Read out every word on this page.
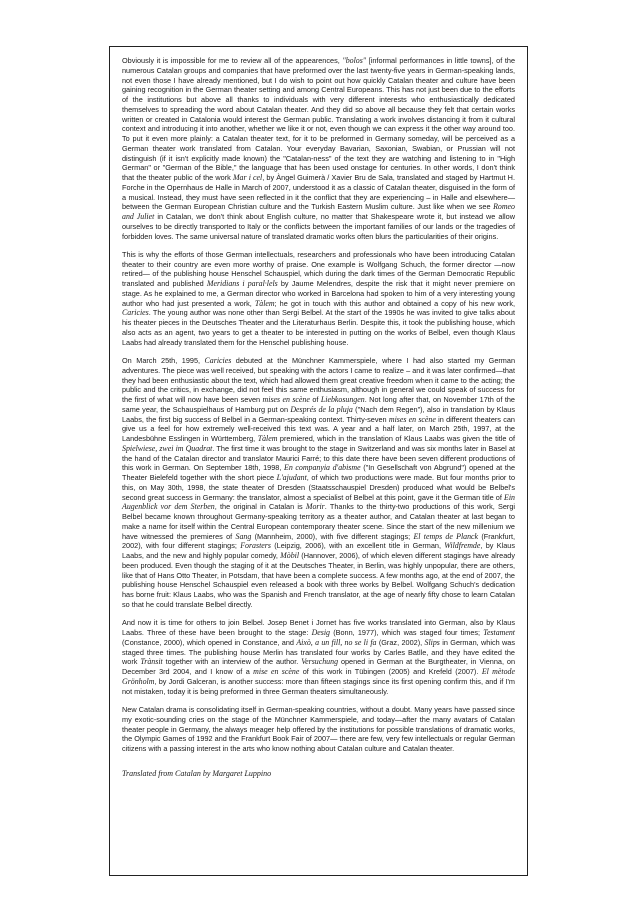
Obviously it is impossible for me to review all of the appearences, "bolos" [informal performances in little towns], of the numerous Catalan groups and companies that have preformed over the last twenty-five years in German-speaking lands, not even those I have already mentioned, but I do wish to point out how quickly Catalan theater and culture have been gaining recognition in the German theater setting and among Central Europeans. This has not just been due to the efforts of the institutions but above all thanks to individuals with very different interests who enthusiastically dedicated themselves to spreading the word about Catalan theater. And they did so above all because they felt that certain works written or created in Catalonia would interest the German public. Translating a work involves distancing it from it cultural context and introducing it into another, whether we like it or not, even though we can express it the other way around too. To put it even more plainly: a Catalan theater text, for it to be preformed in Germany someday, will be perceived as a German theater work translated from Catalan. Your everyday Bavarian, Saxonian, Swabian, or Prussian will not distinguish (if it isn't explicitly made known) the "Catalan-ness" of the text they are watching and listening to in "High German" or "German of the Bible," the language that has been used onstage for centuries. In other words, I don't think that the theater public of the work Mar i cel, by Àngel Guimerà / Xavier Bru de Sala, translated and staged by Hartmut H. Forche in the Opernhaus de Halle in March of 2007, understood it as a classic of Catalan theater, disguised in the form of a musical. Instead, they must have seen reflected in it the conflict that they are experiencing – in Halle and elsewhere—between the German European Christian culture and the Turkish Eastern Muslim culture. Just like when we see Romeo and Juliet in Catalan, we don't think about English culture, no matter that Shakespeare wrote it, but instead we allow ourselves to be directly transported to Italy or the conflicts between the important families of our lands or the tragedies of forbidden loves. The same universal nature of translated dramatic works often blurs the particularities of their origins.

This is why the efforts of those German intellectuals, researchers and professionals who have been introducing Catalan theater to their country are even more worthy of praise. One example is Wolfgang Schuch, the former director —now retired— of the publishing house Henschel Schauspiel, which during the dark times of the German Democratic Republic translated and published Meridians i paral·lels by Jaume Melendres, despite the risk that it might never premiere on stage. As he explained to me, a German director who worked in Barcelona had spoken to him of a very interesting young author who had just presented a work, Tàlem; he got in touch with this author and obtained a copy of his new work, Caricies. The young author was none other than Sergi Belbel. At the start of the 1990s he was invited to give talks about his theater pieces in the Deutsches Theater and the Literaturhaus Berlin. Despite this, it took the publishing house, which also acts as an agent, two years to get a theater to be interested in putting on the works of Belbel, even though Klaus Laabs had already translated them for the Henschel publishing house.

On March 25th, 1995, Caricies debuted at the Münchner Kammerspiele, where I had also started my German adventures. The piece was well received, but speaking with the actors I came to realize – and it was later confirmed—that they had been enthusiastic about the text, which had allowed them great creative freedom when it came to the acting; the public and the critics, in exchange, did not feel this same enthusiasm, although in general we could speak of success for the first of what will now have been seven mises en scène of Liebkosungen. Not long after that, on November 17th of the same year, the Schauspielhaus of Hamburg put on Després de la pluja ("Nach dem Regen"), also in translation by Klaus Laabs, the first big success of Belbel in a German-speaking context. Thirty-seven mises en scène in different theaters can give us a feel for how extremely well-received this text was. A year and a half later, on March 25th, 1997, at the Landesbühne Esslingen in Württemberg, Tàlem premiered, which in the translation of Klaus Laabs was given the title of Spielwiese, zwei im Quadrat. The first time it was brought to the stage in Switzerland and was six months later in Basel at the hand of the Catalan director and translator Maurici Farré; to this date there have been seven different productions of this work in German. On September 18th, 1998, En companyia d'abisme ("In Gesellschaft von Abgrund") opened at the Theater Bielefeld together with the short piece L'ajudant, of which two productions were made. But four months prior to this, on May 30th, 1998, the state theater of Dresden (Staatsschauspiel Dresden) produced what would be Belbel's second great success in Germany: the translator, almost a specialist of Belbel at this point, gave it the German title of Ein Augenblick vor dem Sterben, the original in Catalan is Morir. Thanks to the thirty-two productions of this work, Sergi Belbel became known throughout Germany-speaking territory as a theater author, and Catalan theater at last began to make a name for itself within the Central European contemporary theater scene. Since the start of the new millenium we have witnessed the premieres of Sang (Mannheim, 2000), with five different stagings; El temps de Planck (Frankfurt, 2002), with four different stagings; Forasters (Leipzig, 2006), with an excellent title in German, Wildfremde, by Klaus Laabs, and the new and highly popular comedy, Mòbil (Hannover, 2006), of which eleven different stagings have already been produced. Even though the staging of it at the Deutsches Theater, in Berlin, was highly unpopular, there are others, like that of Hans Otto Theater, in Potsdam, that have been a complete success. A few months ago, at the end of 2007, the publishing house Henschel Schauspiel even released a book with three works by Belbel. Wolfgang Schuch's dedication has borne fruit: Klaus Laabs, who was the Spanish and French translator, at the age of nearly fifty chose to learn Catalan so that he could translate Belbel directly.

And now it is time for others to join Belbel. Josep Benet i Jornet has five works translated into German, also by Klaus Laabs. Three of these have been brought to the stage: Desig (Bonn, 1977), which was staged four times; Testament (Constance, 2000), which opened in Constance, and Això, a un fill, no se li fa (Graz, 2002), Slips in German, which was staged three times. The publishing house Merlin has translated four works by Carles Batlle, and they have edited the work Trànsit together with an interview of the author. Versuchung opened in German at the Burgtheater, in Vienna, on December 3rd 2004, and I know of a mise en scène of this work in Tübingen (2005) and Krefeld (2007). El mètode Grönholm, by Jordi Galceran, is another success: more than fifteen stagings since its first opening confirm this, and if I'm not mistaken, today it is being preformed in three German theaters simultaneously.

New Catalan drama is consolidating itself in German-speaking countries, without a doubt. Many years have passed since my exotic-sounding cries on the stage of the Münchner Kammerspiele, and today—after the many avatars of Catalan theater people in Germany, the always meager help offered by the institutions for possible translations of dramatic works, the Olympic Games of 1992 and the Frankfurt Book Fair of 2007— there are few, very few intellectuals or regular German citizens with a passing interest in the arts who know nothing about Catalan culture and Catalan theater.

Translated from Catalan by Margaret Luppino
